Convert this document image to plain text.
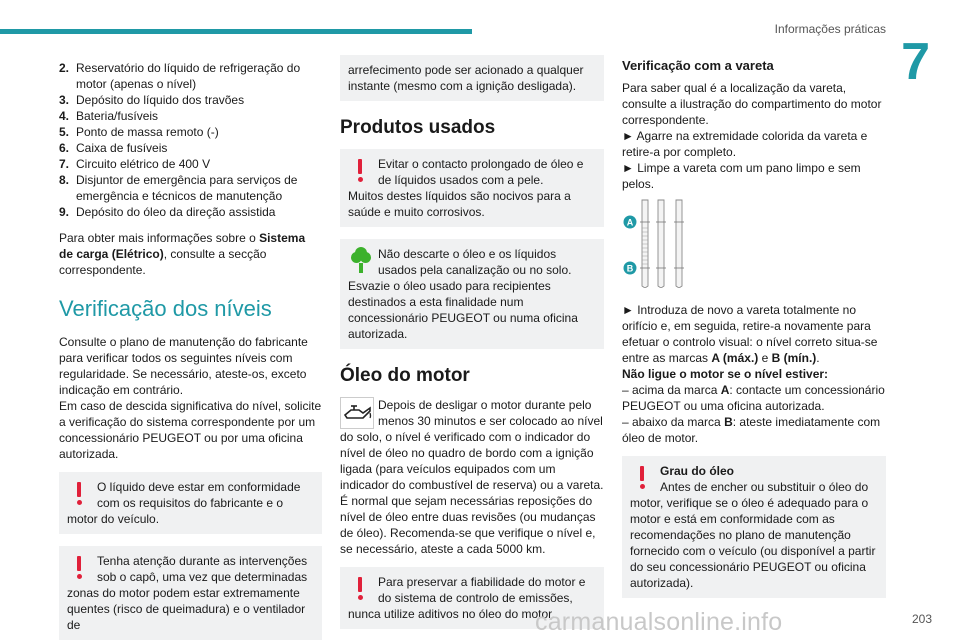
Informações práticas
7
2. Reservatório do líquido de refrigeração do motor (apenas o nível)
3. Depósito do líquido dos travões
4. Bateria/fusíveis
5. Ponto de massa remoto (-)
6. Caixa de fusíveis
7. Circuito elétrico de 400 V
8. Disjuntor de emergência para serviços de emergência e técnicos de manutenção
9. Depósito do óleo da direção assistida

Para obter mais informações sobre o Sistema de carga (Elétrico), consulte a secção correspondente.

Verificação dos níveis

Consulte o plano de manutenção do fabricante para verificar todos os seguintes níveis com regularidade. Se necessário, ateste-os, exceto indicação em contrário.

Em caso de descida significativa do nível, solicite a verificação do sistema correspondente por um concessionário PEUGEOT ou por uma oficina autorizada.

O líquido deve estar em conformidade com os requisitos do fabricante e o motor do veículo.
Tenha atenção durante as intervenções sob o capô, uma vez que determinadas zonas do motor podem estar extremamente quentes (risco de queimadura) e o ventilador de
arrefecimento pode ser acionado a qualquer instante (mesmo com a ignição desligada).
Produtos usados
Evitar o contacto prolongado de óleo e de líquidos usados com a pele.
Muitos destes líquidos são nocivos para a saúde e muito corrosivos.
Não descarte o óleo e os líquidos usados pela canalização ou no solo.
Esvazie o óleo usado para recipientes destinados a esta finalidade num concessionário PEUGEOT ou numa oficina autorizada.
Óleo do motor
Depois de desligar o motor durante pelo menos 30 minutos e ser colocado ao nível do solo, o nível é verificado com o indicador do nível de óleo no quadro de bordo com a ignição ligada (para veículos equipados com um indicador do combustível de reserva) ou a vareta.

É normal que sejam necessárias reposições do nível de óleo entre duas revisões (ou mudanças de óleo). Recomenda-se que verifique o nível e, se necessário, ateste a cada 5000 km.

Para preservar a fiabilidade do motor e do sistema de controlo de emissões, nunca utilize aditivos no óleo do motor.
Verificação com a vareta

Para saber qual é a localização da vareta, consulte a ilustração do compartimento do motor correspondente.

► Agarre na extremidade colorida da vareta e retire-a por completo.

► Limpe a vareta com um pano limpo e sem pelos.

A
B

► Introduza de novo a vareta totalmente no orifício e, em seguida, retire-a novamente para efetuar o controlo visual: o nível correto situa-se entre as marcas A (máx.) e B (mín.).

Não ligue o motor se o nível estiver:

– acima da marca A: contacte um concessionário PEUGEOT ou uma oficina autorizada.

– abaixo da marca B: ateste imediatamente com óleo de motor.

Grau do óleo
Antes de encher ou substituir o óleo do motor, verifique se o óleo é adequado para o motor e está em conformidade com as recomendações no plano de manutenção fornecido com o veículo (ou disponível a partir do seu concessionário PEUGEOT ou oficina autorizada).
carmanualsonline.info	203
